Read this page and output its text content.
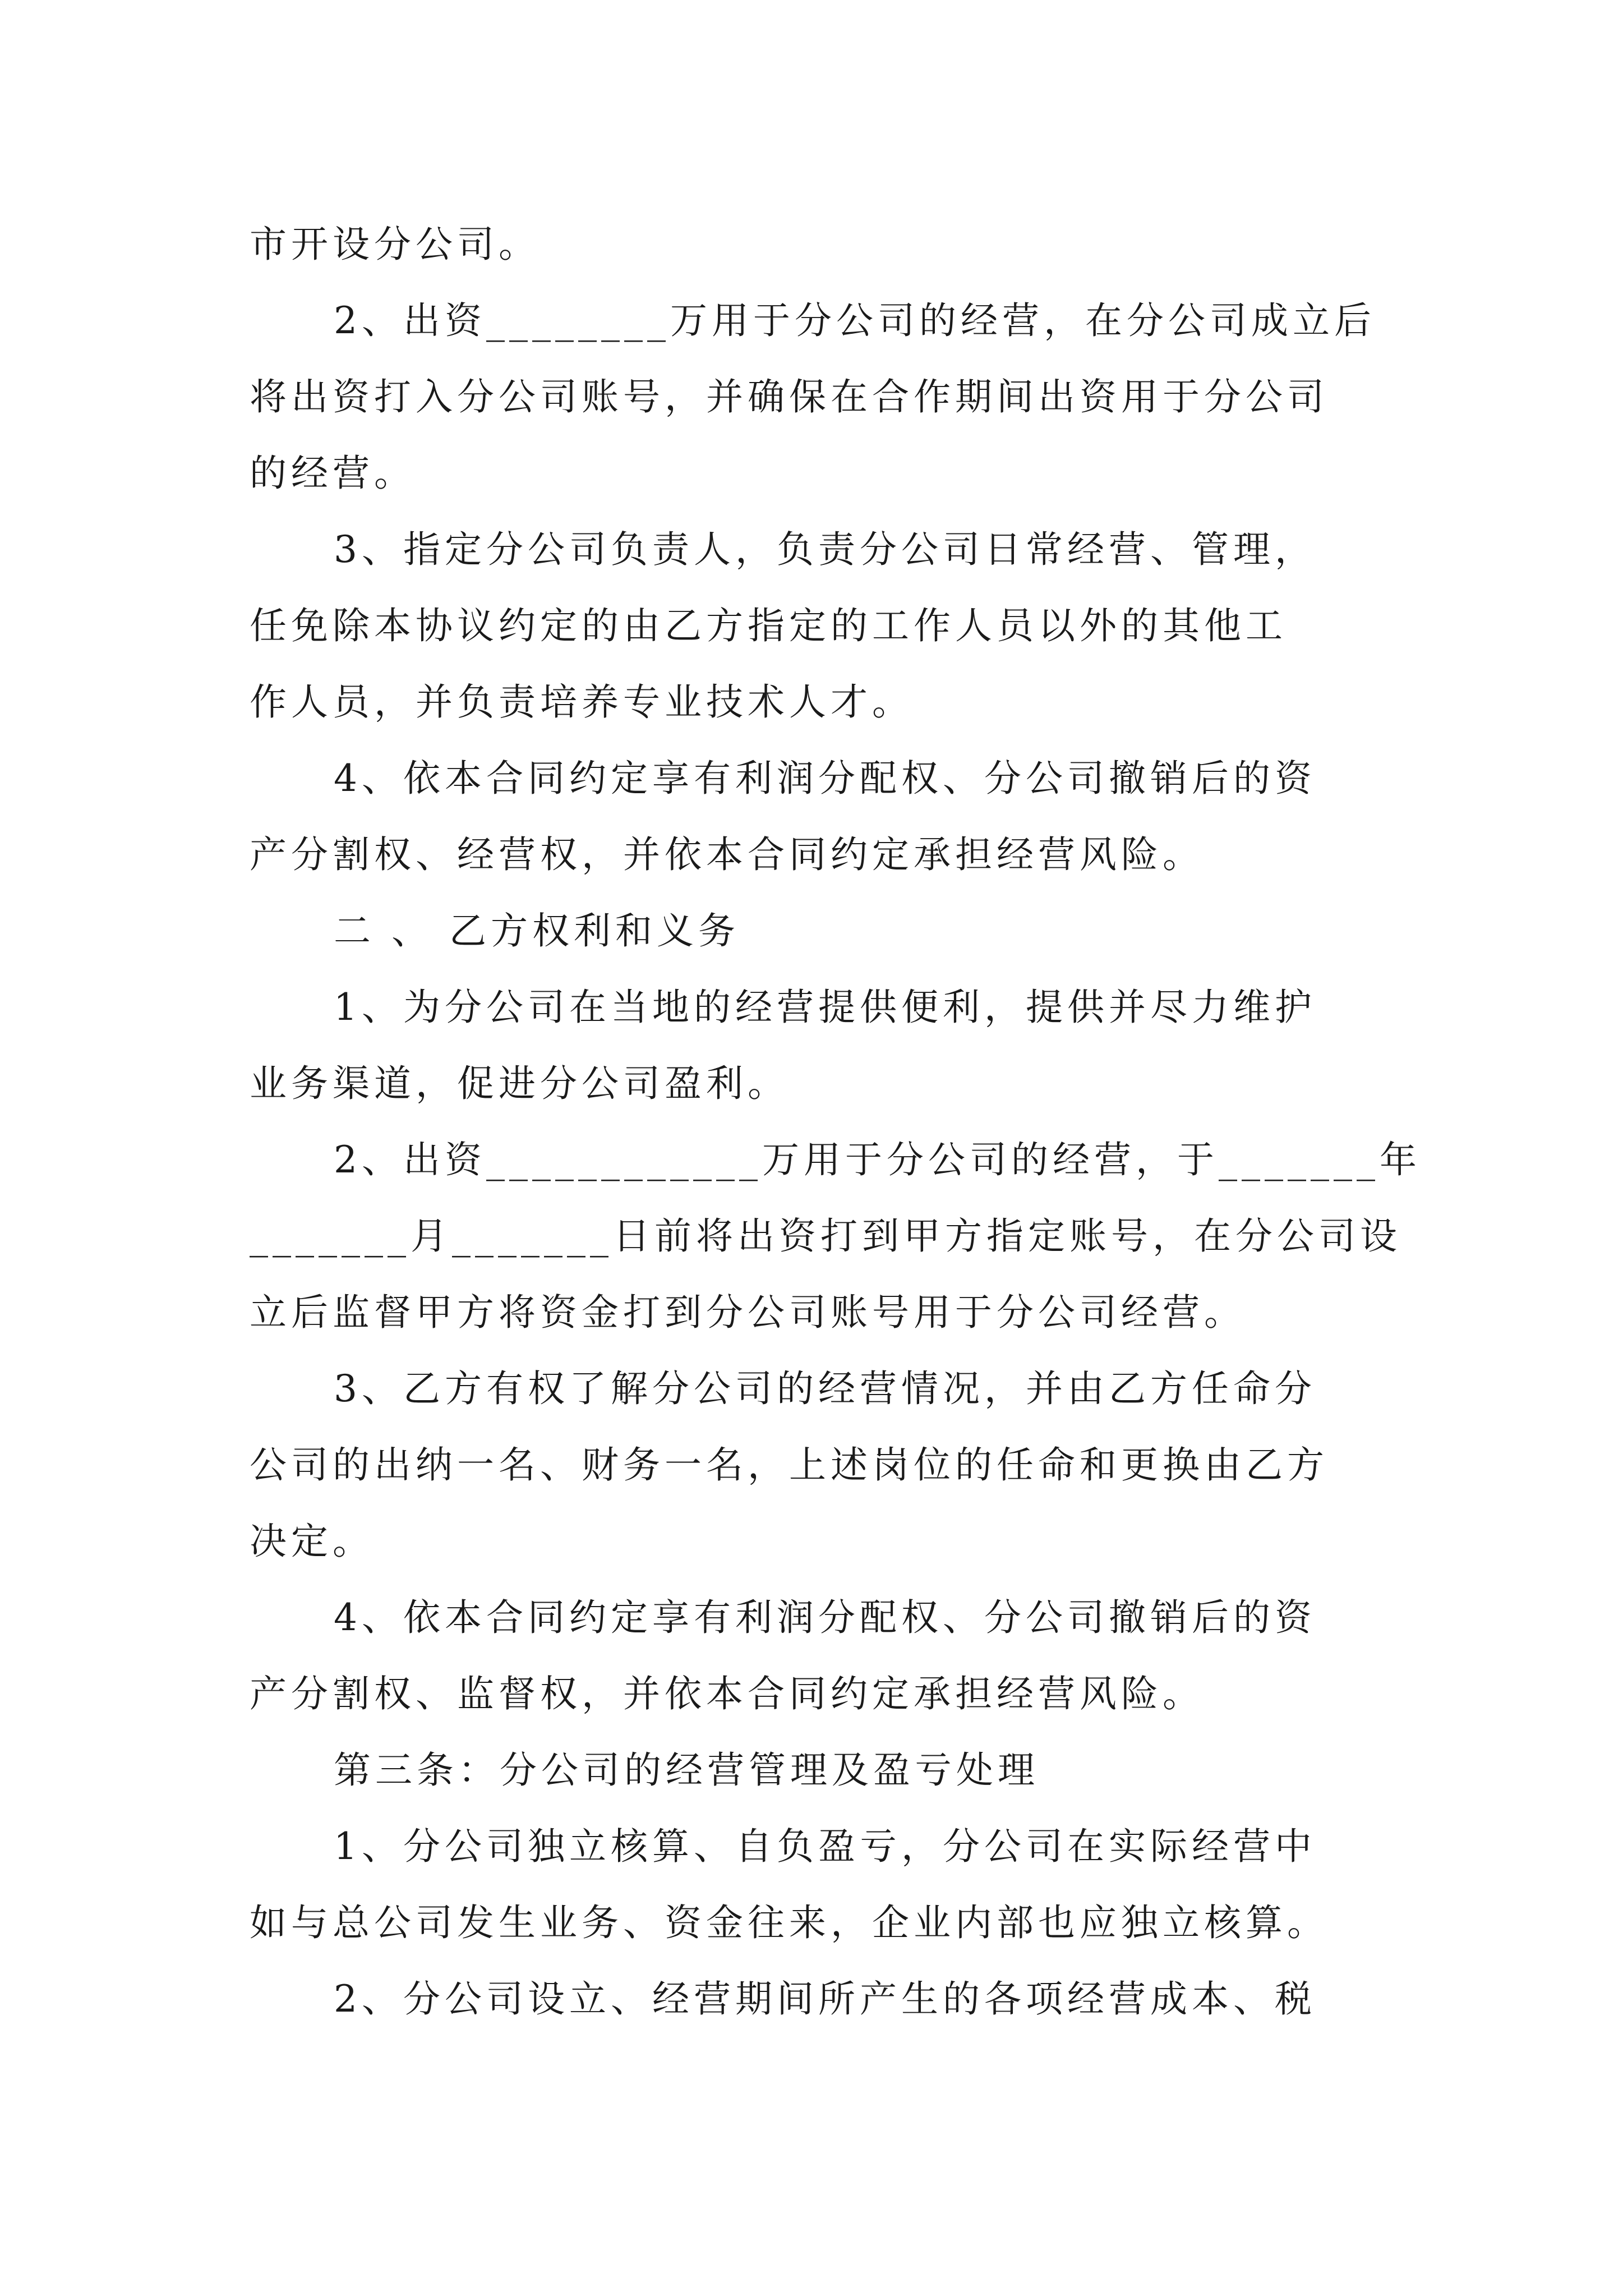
市开设分公司。
2、出资________万用于分公司的经营，在分公司成立后
将出资打入分公司账号，并确保在合作期间出资用于分公司
的经营。
3、指定分公司负责人，负责分公司日常经营、管理，
任免除本协议约定的由乙方指定的工作人员以外的其他工
作人员，并负责培养专业技术人才。
4、依本合同约定享有利润分配权、分公司撤销后的资
产分割权、经营权，并依本合同约定承担经营风险。
二 、 乙方权利和义务
1、为分公司在当地的经营提供便利，提供并尽力维护
业务渠道，促进分公司盈利。
2、出资____________万用于分公司的经营，于_______年
_______月_______日前将出资打到甲方指定账号，在分公司设
立后监督甲方将资金打到分公司账号用于分公司经营。
3、乙方有权了解分公司的经营情况，并由乙方任命分
公司的出纳一名、财务一名，上述岗位的任命和更换由乙方
决定。
4、依本合同约定享有利润分配权、分公司撤销后的资
产分割权、监督权，并依本合同约定承担经营风险。
第三条：分公司的经营管理及盈亏处理
1、分公司独立核算、自负盈亏，分公司在实际经营中
如与总公司发生业务、资金往来，企业内部也应独立核算。
2、分公司设立、经营期间所产生的各项经营成本、税
